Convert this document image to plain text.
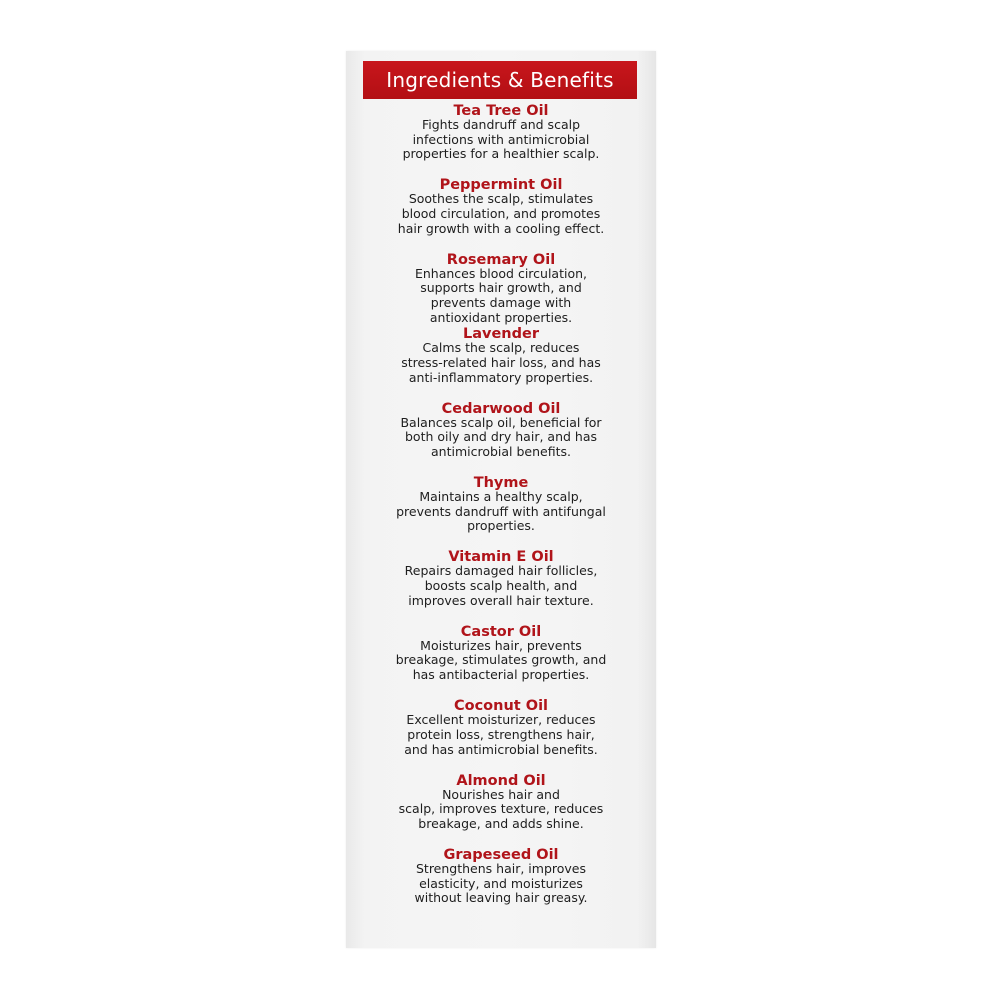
Ingredients & Benefits
Tea Tree Oil
Fights dandruff and scalp
infections with antimicrobial
properties for a healthier scalp.
Peppermint Oil
Soothes the scalp, stimulates
blood circulation, and promotes
hair growth with a cooling effect.
Rosemary Oil
Enhances blood circulation,
supports hair growth, and
prevents damage with
antioxidant properties.
Lavender
Calms the scalp, reduces
stress-related hair loss, and has
anti-inflammatory properties.
Cedarwood Oil
Balances scalp oil, beneficial for
both oily and dry hair, and has
antimicrobial benefits.
Thyme
Maintains a healthy scalp,
prevents dandruff with antifungal
properties.
Vitamin E Oil
Repairs damaged hair follicles,
boosts scalp health, and
improves overall hair texture.
Castor Oil
Moisturizes hair, prevents
breakage, stimulates growth, and
has antibacterial properties.
Coconut Oil
Excellent moisturizer, reduces
protein loss, strengthens hair,
and has antimicrobial benefits.
Almond Oil
Nourishes hair and
scalp, improves texture, reduces
breakage, and adds shine.
Grapeseed Oil
Strengthens hair, improves
elasticity, and moisturizes
without leaving hair greasy.
